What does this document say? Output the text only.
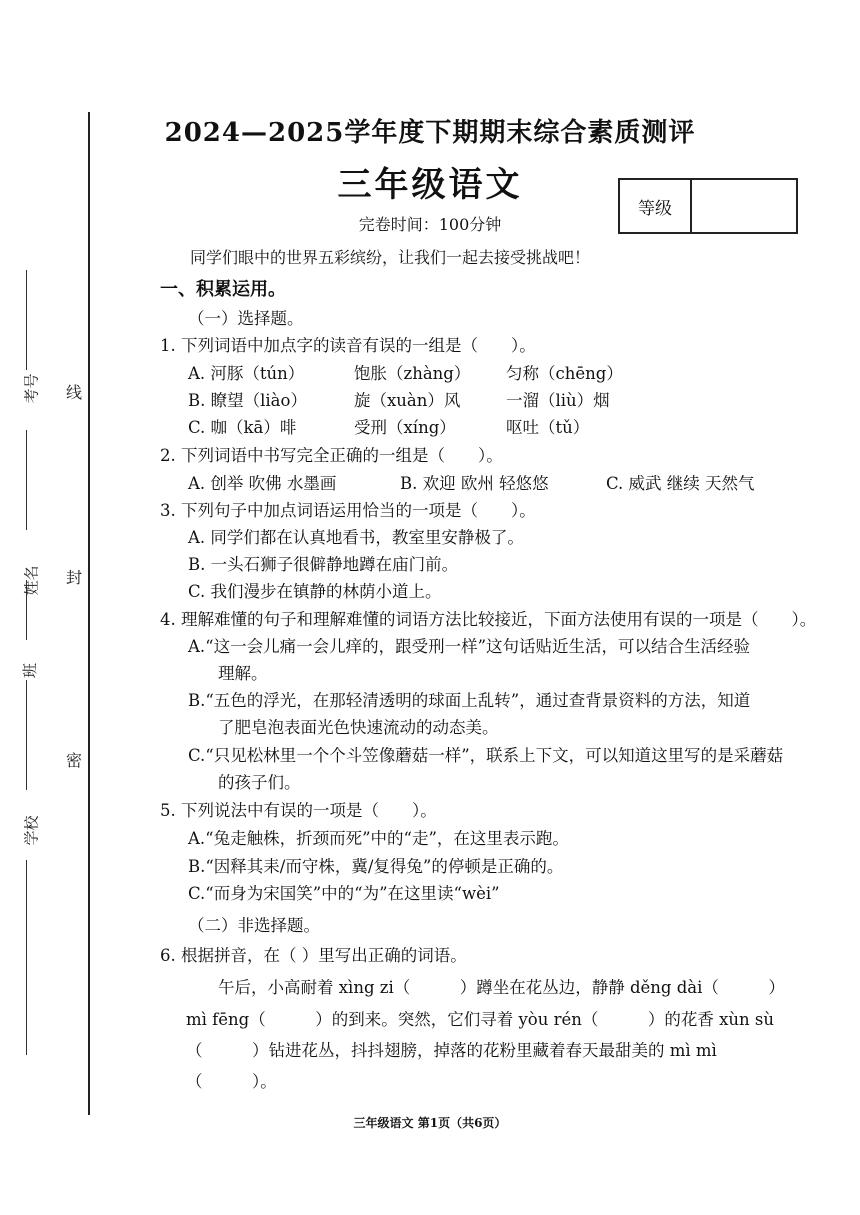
考号
姓名
班
学校
线
封
密
2024—2025学年度下期期末综合素质测评
三年级语文
完卷时间：100分钟
等级
同学们眼中的世界五彩缤纷，让我们一起去接受挑战吧！
一、积累运用。
（一）选择题。
1. 下列词语中加点字的读音有误的一组是（　　）。
A. 河豚（tún）	饱胀（zhàng） 匀称（chēng）
B. 瞭望（liào）	旋（xuàn）风	一溜（liù）烟
C. 咖（kā）啡	受刑（xíng）	呕吐（tǔ）
2. 下列词语中书写完全正确的一组是（　　）。
A. 创举 吹佛 水墨画	B. 欢迎 欧州 轻悠悠	C. 威武 继续 天然气
3. 下列句子中加点词语运用恰当的一项是（　　）。
A. 同学们都在认真地看书，教室里安静极了。
B. 一头石狮子很僻静地蹲在庙门前。
C. 我们漫步在镇静的林荫小道上。
4. 理解难懂的句子和理解难懂的词语方法比较接近，下面方法使用有误的一项是（　　）。
A.“这一会儿痛一会儿痒的，跟受刑一样”这句话贴近生活，可以结合生活经验
理解。
B.“五色的浮光，在那轻清透明的球面上乱转”，通过查背景资料的方法，知道
了肥皂泡表面光色快速流动的动态美。
C.“只见松林里一个个斗笠像蘑菇一样”，联系上下文，可以知道这里写的是采蘑菇
的孩子们。
5. 下列说法中有误的一项是（　　）。
A.“兔走触株，折颈而死”中的“走”，在这里表示跑。
B.“因释其耒/而守株，冀/复得兔”的停顿是正确的。
C.“而身为宋国笑”中的“为”在这里读“wèi”
（二）非选择题。
6. 根据拼音，在（ ）里写出正确的词语。
午后，小高耐着 xìng zi（　　　）蹲坐在花丛边，静静 děng dài（　　　）
mì fēng（　　　）的到来。突然，它们寻着 yòu rén（　　　）的花香 xùn sù
（　　　）钻进花丛，抖抖翅膀，掉落的花粉里藏着春天最甜美的 mì mì
（　　　）。
三年级语文 第1页（共6页）
